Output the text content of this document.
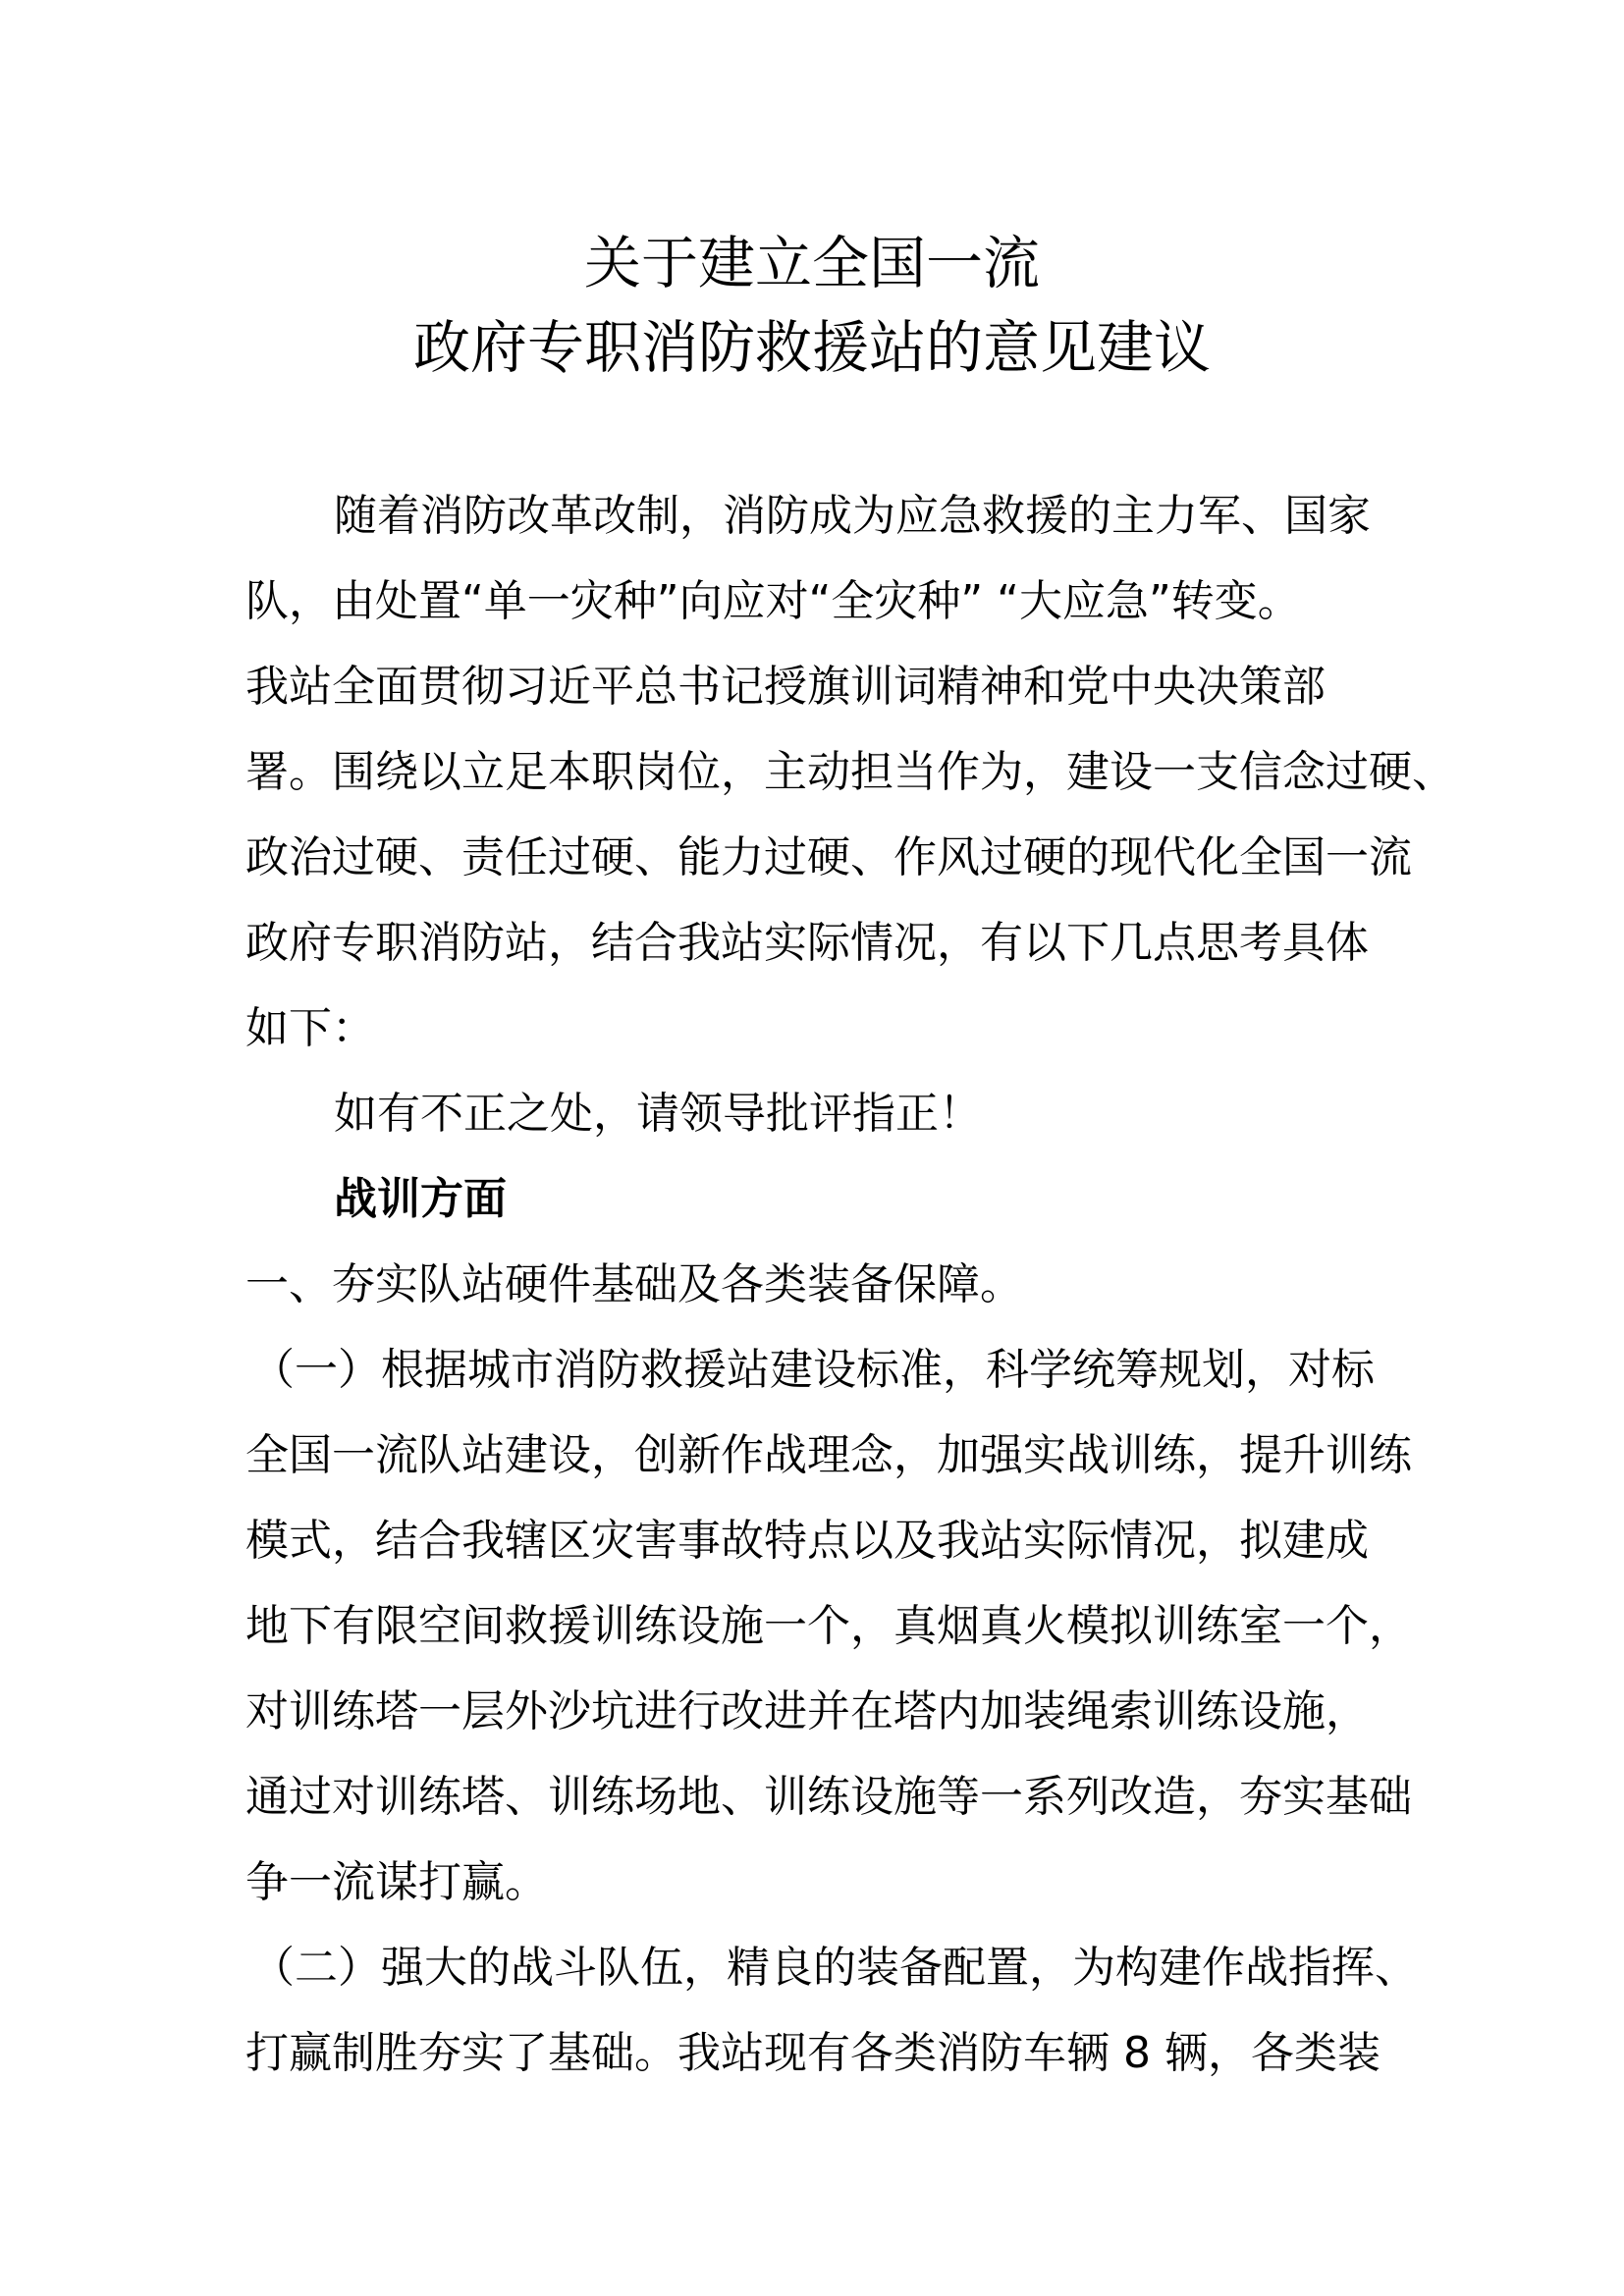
关于建立全国一流
政府专职消防救援站的意见建议
随着消防改革改制，消防成为应急救援的主力军、国家
队，由处置“单一灾种”向应对“全灾种” “大应急”转变。
我站全面贯彻习近平总书记授旗训词精神和党中央决策部
署。围绕以立足本职岗位，主动担当作为，建设一支信念过硬、
政治过硬、责任过硬、能力过硬、作风过硬的现代化全国一流
政府专职消防站，结合我站实际情况，有以下几点思考具体
如下：
如有不正之处，请领导批评指正！
战训方面
一、夯实队站硬件基础及各类装备保障。
（一）根据城市消防救援站建设标准，科学统筹规划，对标
全国一流队站建设，创新作战理念，加强实战训练，提升训练
模式，结合我辖区灾害事故特点以及我站实际情况，拟建成
地下有限空间救援训练设施一个，真烟真火模拟训练室一个，
对训练塔一层外沙坑进行改进并在塔内加装绳索训练设施，
通过对训练塔、训练场地、训练设施等一系列改造，夯实基础
争一流谋打赢。
（二）强大的战斗队伍，精良的装备配置，为构建作战指挥、
打赢制胜夯实了基础。我站现有各类消防车辆 8 辆，各类装
